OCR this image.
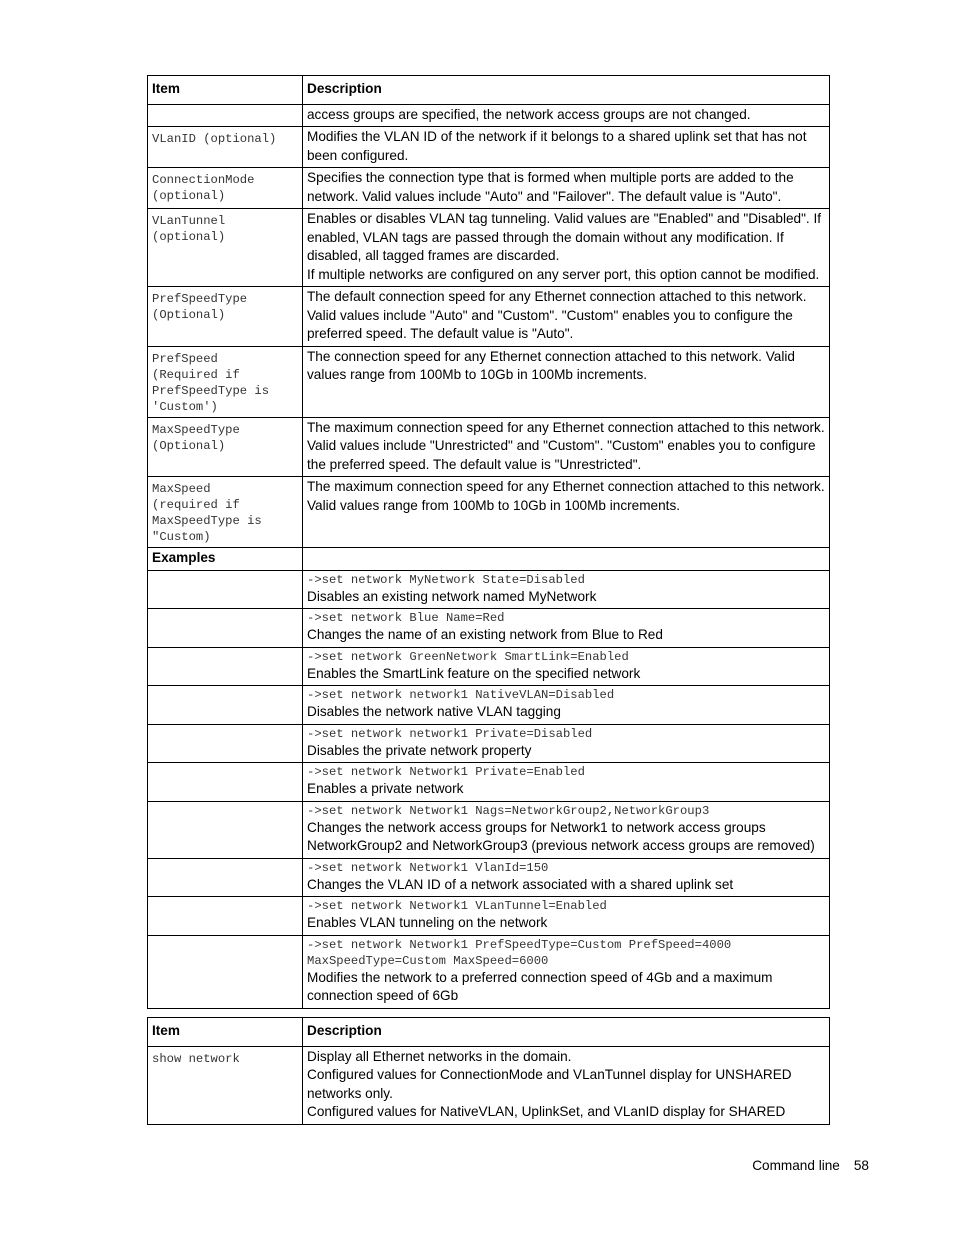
Item	Description
	access groups are specified, the network access groups are not changed.

VLanID (optional)	Modifies the VLAN ID of the network if it belongs to a shared uplink set that has not been configured.

ConnectionMode
(optional)	Specifies the connection type that is formed when multiple ports are added to the network. Valid values include "Auto" and "Failover". The default value is "Auto".

VLanTunnel
(optional)	Enables or disables VLAN tag tunneling. Valid values are "Enabled" and "Disabled". If enabled, VLAN tags are passed through the domain without any modification. If disabled, all tagged frames are discarded.
If multiple networks are configured on any server port, this option cannot be modified.

PrefSpeedType
(Optional)	The default connection speed for any Ethernet connection attached to this network. Valid values include "Auto" and "Custom". "Custom" enables you to configure the preferred speed. The default value is "Auto".

PrefSpeed
(Required if
PrefSpeedType is
'Custom')	The connection speed for any Ethernet connection attached to this network. Valid values range from 100Mb to 10Gb in 100Mb increments.

MaxSpeedType
(Optional)	The maximum connection speed for any Ethernet connection attached to this network. Valid values include "Unrestricted" and "Custom". "Custom" enables you to configure the preferred speed. The default value is "Unrestricted".

MaxSpeed
(required if
MaxSpeedType is
"Custom)	The maximum connection speed for any Ethernet connection attached to this network. Valid values range from 100Mb to 10Gb in 100Mb increments.

Examples	

	->set network MyNetwork State=Disabled
Disables an existing network named MyNetwork

	->set network Blue Name=Red
Changes the name of an existing network from Blue to Red

	->set network GreenNetwork SmartLink=Enabled
Enables the SmartLink feature on the specified network

	->set network network1 NativeVLAN=Disabled
Disables the network native VLAN tagging

	->set network network1 Private=Disabled
Disables the private network property

	->set network Network1 Private=Enabled
Enables a private network

	->set network Network1 Nags=NetworkGroup2,NetworkGroup3
Changes the network access groups for Network1 to network access groups NetworkGroup2 and NetworkGroup3 (previous network access groups are removed)

	->set network Network1 VlanId=150
Changes the VLAN ID of a network associated with a shared uplink set

	->set network Network1 VLanTunnel=Enabled
Enables VLAN tunneling on the network

	->set network Network1 PrefSpeedType=Custom PrefSpeed=4000
MaxSpeedType=Custom MaxSpeed=6000
Modifies the network to a preferred connection speed of 4Gb and a maximum connection speed of 6Gb
Item	Description

show network	Display all Ethernet networks in the domain.
Configured values for ConnectionMode and VLanTunnel display for UNSHARED networks only.
Configured values for NativeVLAN, UplinkSet, and VLanID display for SHARED
Command line 58
